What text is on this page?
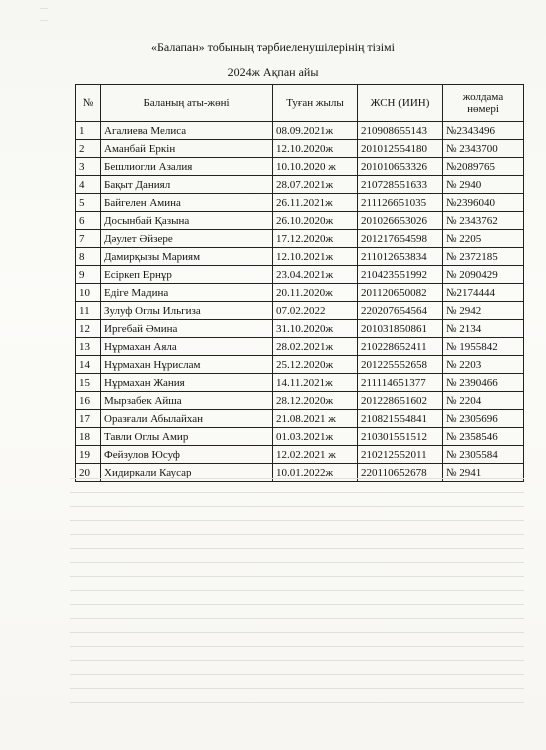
—
—
«Балапан» тобының тәрбиеленушілерінің тізімі
2024ж Ақпан айы
№	Баланың аты-жөні	Туған жылы	ЖСН (ИИН)	жолдама
нөмері
1	Агалиева Мелиса	08.09.2021ж	210908655143	№2343496
2	Аманбай Еркін	12.10.2020ж	201012554180	№ 2343700
3	Бешлиогли Азалия	10.10.2020 ж	201010653326	№2089765
4	Бақыт Даниял	28.07.2021ж	210728551633	№ 2940
5	Байгелен Амина	26.11.2021ж	211126651035	№2396040
6	Досынбай Қазына	26.10.2020ж	201026653026	№ 2343762
7	Дәулет Әйзере	17.12.2020ж	201217654598	№ 2205
8	Дамирқызы Мариям	12.10.2021ж	211012653834	№ 2372185
9	Есіркеп Ернұр	23.04.2021ж	210423551992	№ 2090429
10	Едіге Мадина	20.11.2020ж	201120650082	№2174444
11	Зулуф Оглы Ильгиза	07.02.2022	220207654564	№ 2942
12	Иргебай Әмина	31.10.2020ж	201031850861	№ 2134
13	Нұрмахан Аяла	28.02.2021ж	210228652411	№ 1955842
14	Нұрмахан Нұрислам	25.12.2020ж	201225552658	№ 2203
15	Нұрмахан Жания	14.11.2021ж	211114651377	№ 2390466
16	Мырзабек Айша	28.12.2020ж	201228651602	№ 2204
17	Оразғали Абылайхан	21.08.2021 ж	210821554841	№ 2305696
18	Тавли Оглы Амир	01.03.2021ж	210301551512	№ 2358546
19	Фейзулов Юсуф	12.02.2021 ж	210212552011	№ 2305584
20	Хидиркали Каусар	10.01.2022ж	220110652678	№ 2941
